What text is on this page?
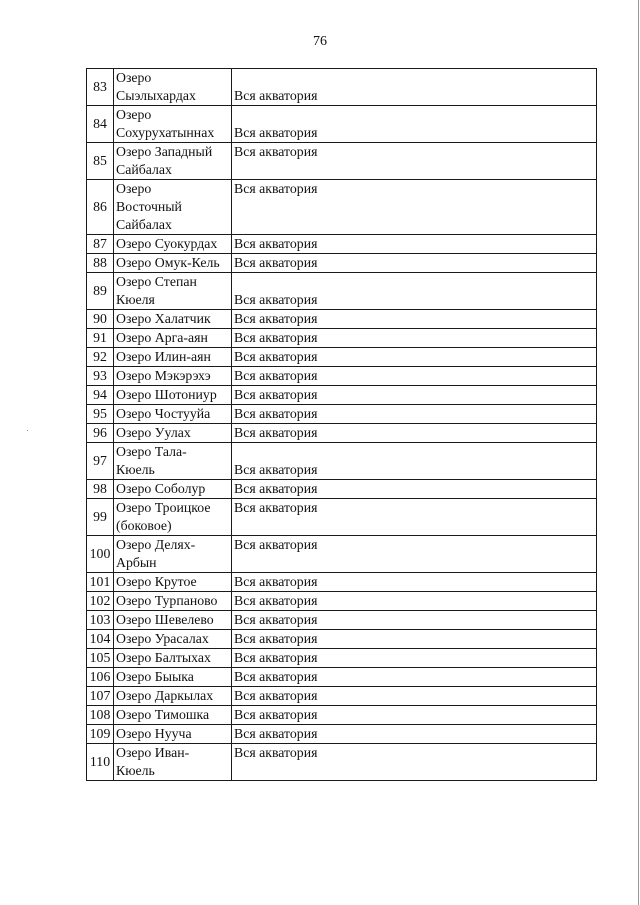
76
83	Озеро
Сыэлыхардах	Вся акватория
84	Озеро
Сохурухатыннах	Вся акватория
85	Озеро Западный
Сайбалах	Вся акватория
86	Озеро
Восточный
Сайбалах	Вся акватория
87	Озеро Суокурдах	Вся акватория
88	Озеро Омук-Кель	Вся акватория
89	Озеро Степан
Кюеля	Вся акватория
90	Озеро Халатчик	Вся акватория
91	Озеро Арга-аян	Вся акватория
92	Озеро Илин-аян	Вся акватория
93	Озеро Мэкэрэхэ	Вся акватория
94	Озеро Шотониур	Вся акватория
95	Озеро Чостууйа	Вся акватория
96	Озеро Уулах	Вся акватория
97	Озеро Тала-
Кюель	Вся акватория
98	Озеро Соболур	Вся акватория
99	Озеро Троицкое
(боковое)	Вся акватория
100	Озеро Делях-
Арбын	Вся акватория
101	Озеро Крутое	Вся акватория
102	Озеро Турпаново	Вся акватория
103	Озеро Шевелево	Вся акватория
104	Озеро Урасалах	Вся акватория
105	Озеро Балтыхах	Вся акватория
106	Озеро Быыка	Вся акватория
107	Озеро Даркылах	Вся акватория
108	Озеро Тимошка	Вся акватория
109	Озеро Нууча	Вся акватория
110	Озеро Иван-
Кюель	Вся акватория
